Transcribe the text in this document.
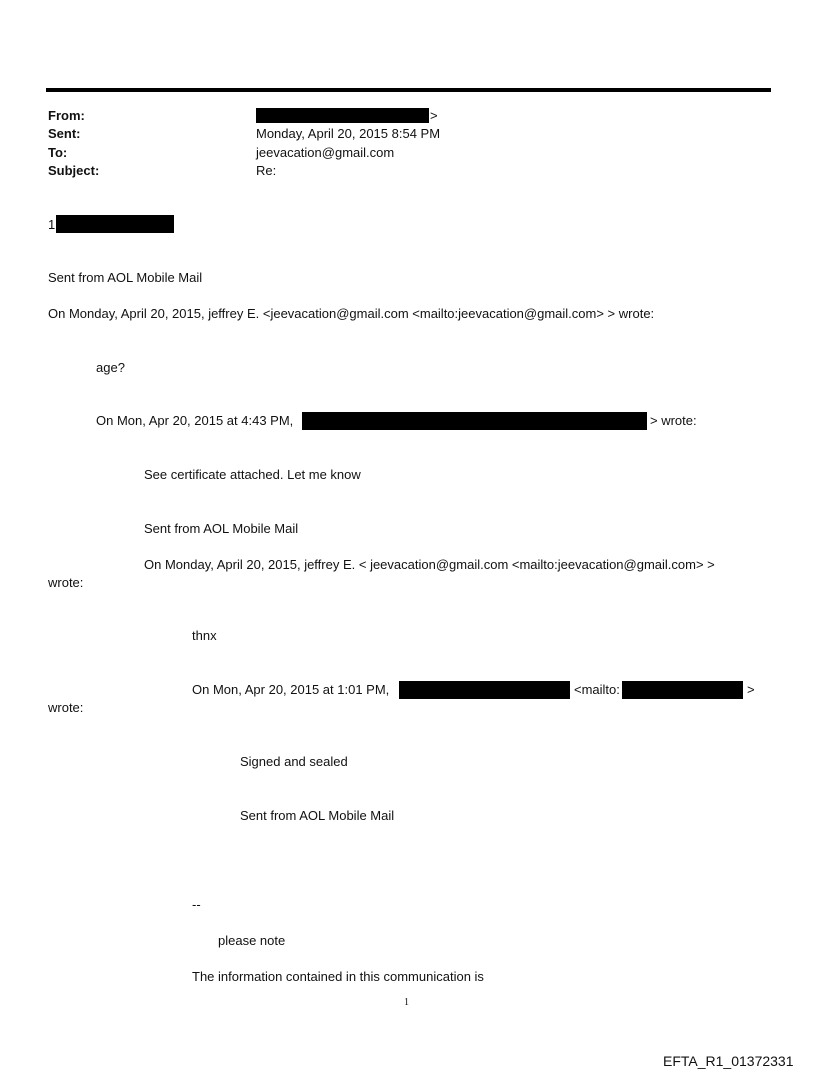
From:	>
Sent:	Monday, April 20, 2015 8:54 PM
To:	jeevacation@gmail.com
Subject:	Re:
1
Sent from AOL Mobile Mail
On Monday, April 20, 2015, jeffrey E. <jeevacation@gmail.com <mailto:jeevacation@gmail.com> > wrote:
age?
On Mon, Apr 20, 2015 at 4:43 PM,	> wrote:
See certificate attached. Let me know
Sent from AOL Mobile Mail
On Monday, April 20, 2015, jeffrey E. < jeevacation@gmail.com <mailto:jeevacation@gmail.com> >
wrote:
thnx
On Mon, Apr 20, 2015 at 1:01 PM,	<mailto:	>
wrote:
Signed and sealed
Sent from AOL Mobile Mail
--
please note
The information contained in this communication is
1
EFTA_R1_01372331
